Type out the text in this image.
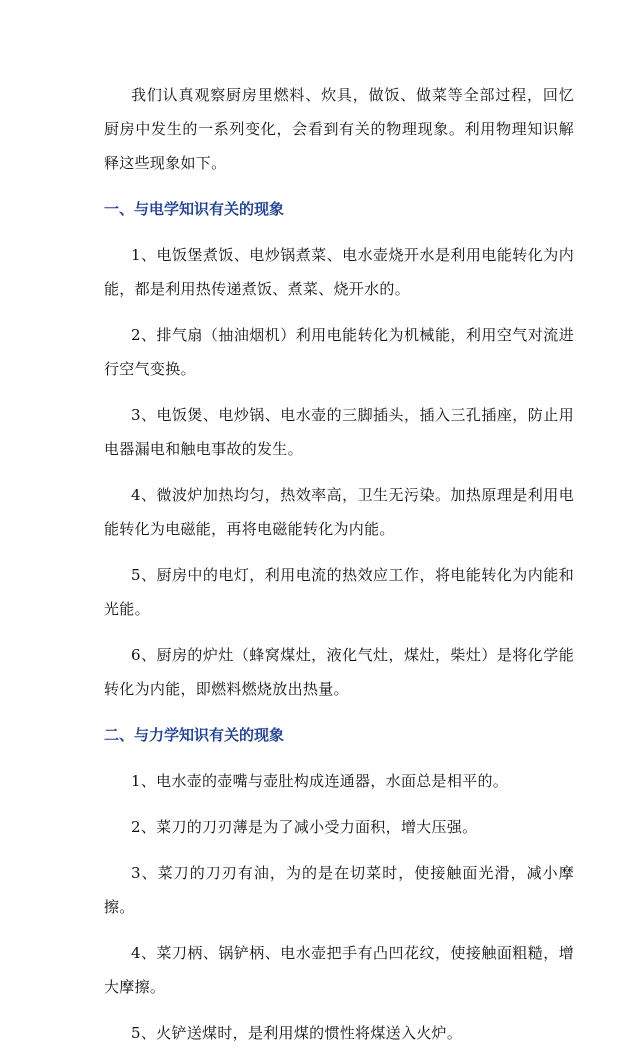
我们认真观察厨房里燃料、炊具，做饭、做菜等全部过程，回忆厨房中发生的一系列变化，会看到有关的物理现象。利用物理知识解释这些现象如下。

一、与电学知识有关的现象

1、电饭堡煮饭、电炒锅煮菜、电水壶烧开水是利用电能转化为内能，都是利用热传递煮饭、煮菜、烧开水的。

2、排气扇（抽油烟机）利用电能转化为机械能，利用空气对流进行空气变换。

3、电饭煲、电炒锅、电水壶的三脚插头，插入三孔插座，防止用电器漏电和触电事故的发生。

4、微波炉加热均匀，热效率高，卫生无污染。加热原理是利用电能转化为电磁能，再将电磁能转化为内能。

5、厨房中的电灯，利用电流的热效应工作，将电能转化为内能和光能。

6、厨房的炉灶（蜂窝煤灶，液化气灶，煤灶，柴灶）是将化学能转化为内能，即燃料燃烧放出热量。

二、与力学知识有关的现象

1、电水壶的壶嘴与壶肚构成连通器，水面总是相平的。

2、菜刀的刀刃薄是为了减小受力面积，增大压强。

3、菜刀的刀刃有油，为的是在切菜时，使接触面光滑，减小摩擦。

4、菜刀柄、锅铲柄、电水壶把手有凸凹花纹，使接触面粗糙，增大摩擦。

5、火铲送煤时，是利用煤的惯性将煤送入火炉。
